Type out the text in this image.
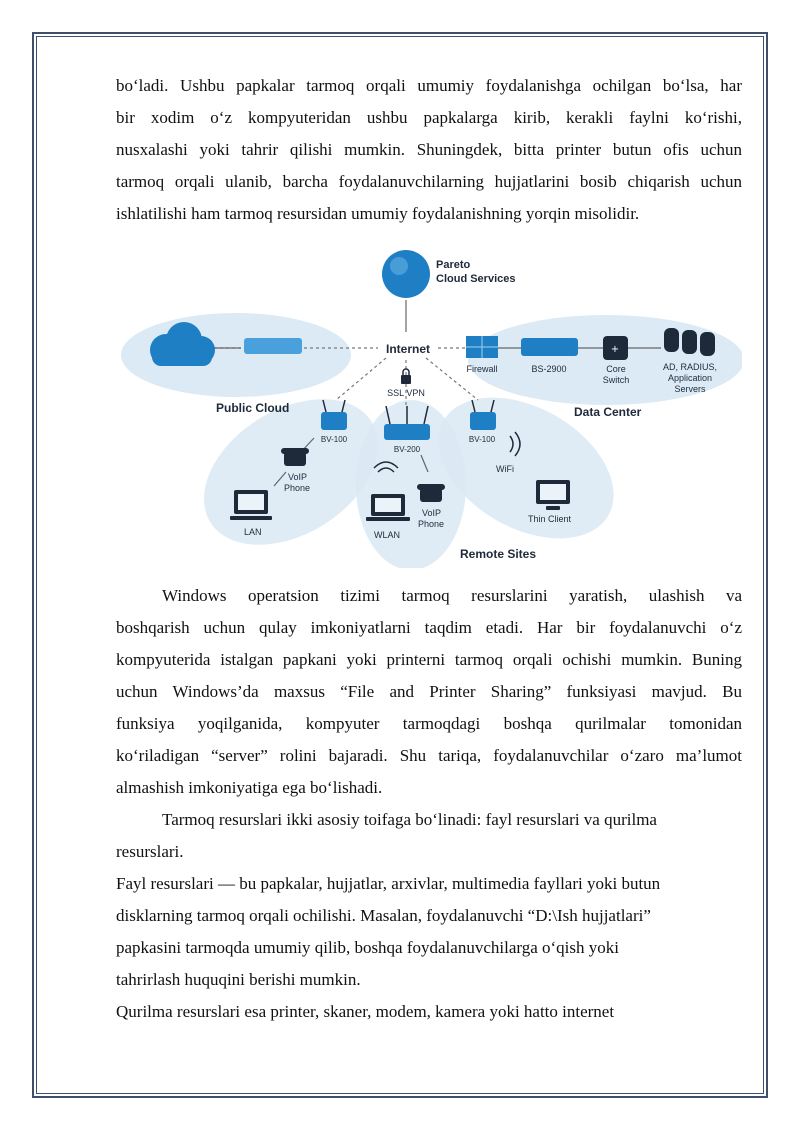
bo‘ladi. Ushbu papkalar tarmoq orqali umumiy foydalanishga ochilgan bo‘lsa, har

bir xodim o‘z kompyuteridan ushbu papkalarga kirib, kerakli faylni ko‘rishi,

nusxalashi yoki tahrir qilishi mumkin. Shuningdek, bitta printer butun ofis uchun

tarmoq orqali ulanib, barcha foydalanuvchilarning hujjatlarini bosib chiqarish uchun

ishlatilishi ham tarmoq resursidan umumiy foydalanishning yorqin misolidir.

Pareto
Cloud Services
Internet
Public Cloud
Firewall	BS-2900
+
Core
Switch
AD, RADIUS,
Application
Servers
Data Center
SSL VPN
BV-100
BV-200
BV-100
VoIP
Phone
LAN	WLAN
VoIP
Phone
WiFi
Thin Client
Remote Sites

Windows operatsion tizimi tarmoq resurslarini yaratish, ulashish va

boshqarish uchun qulay imkoniyatlarni taqdim etadi. Har bir foydalanuvchi o‘z

kompyuterida istalgan papkani yoki printerni tarmoq orqali ochishi mumkin. Buning

uchun Windows’da maxsus “File and Printer Sharing” funksiyasi mavjud. Bu

funksiya yoqilganida, kompyuter tarmoqdagi boshqa qurilmalar tomonidan

ko‘riladigan “server” rolini bajaradi. Shu tariqa, foydalanuvchilar o‘zaro ma’lumot

almashish imkoniyatiga ega bo‘lishadi.

Tarmoq resurslari ikki asosiy toifaga bo‘linadi: fayl resurslari va qurilma

resurslari.

Fayl resurslari — bu papkalar, hujjatlar, arxivlar, multimedia fayllari yoki butun

disklarning tarmoq orqali ochilishi. Masalan, foydalanuvchi “D:\Ish hujjatlari”

papkasini tarmoqda umumiy qilib, boshqa foydalanuvchilarga o‘qish yoki

tahrirlash huquqini berishi mumkin.

Qurilma resurslari esa printer, skaner, modem, kamera yoki hatto internet
